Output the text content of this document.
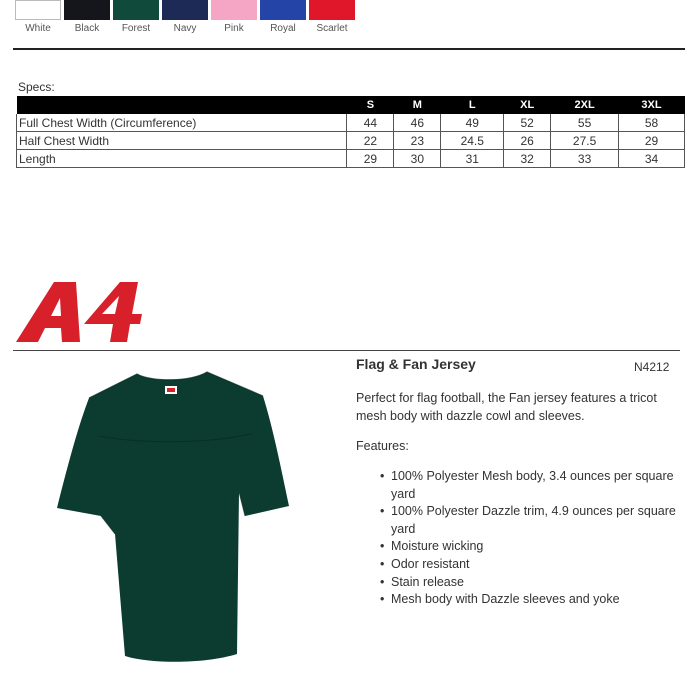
White	Black	Forest	Navy	Pink	Royal	Scarlet
Specs:
	S	M	L	XL	2XL	3XL
Full Chest Width (Circumference)	44	46	49	52	55	58
Half Chest Width	22	23	24.5	26	27.5	29
Length	29	30	31	32	33	34
Flag & Fan Jersey	N4212
Perfect for flag football, the Fan jersey features a tricot mesh body with dazzle cowl and sleeves.
Features:
• 100% Polyester Mesh body, 3.4 ounces per square yard
• 100% Polyester Dazzle trim, 4.9 ounces per square yard
• Moisture wicking
• Odor resistant
• Stain release
• Mesh body with Dazzle sleeves and yoke
